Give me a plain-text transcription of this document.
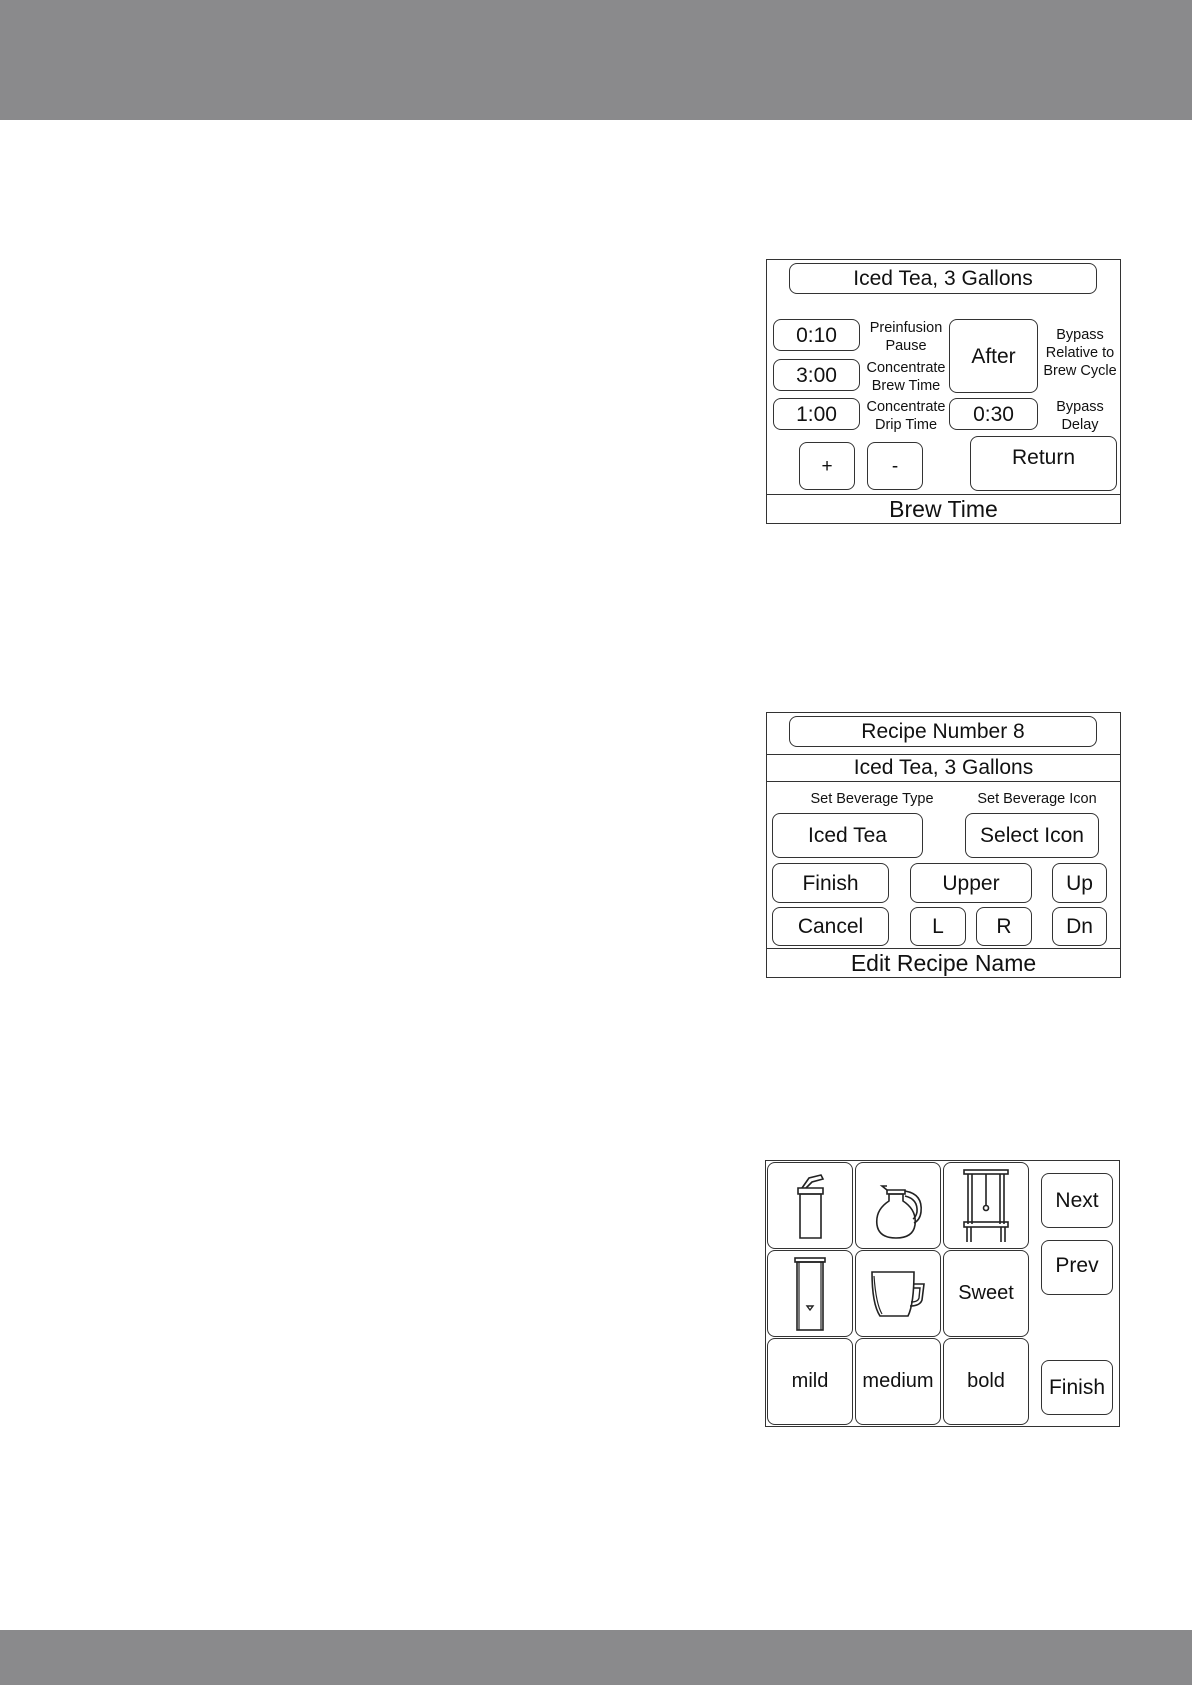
Iced Tea, 3 Gallons
0:10	Preinfusion
Pause
3:00	Concentrate
Brew Time
1:00	Concentrate
Drip Time
After
Bypass
Relative to
Brew Cycle
0:30	Bypass
Delay
+	-	Return
Brew Time
Recipe Number 8
Iced Tea, 3 Gallons
Set Beverage Type	Set Beverage Icon
Iced Tea	Select Icon
Finish	Upper	Up
Cancel	L	R	Dn
Edit Recipe Name
Next
Sweet
Prev
mild	medium	bold	Finish
